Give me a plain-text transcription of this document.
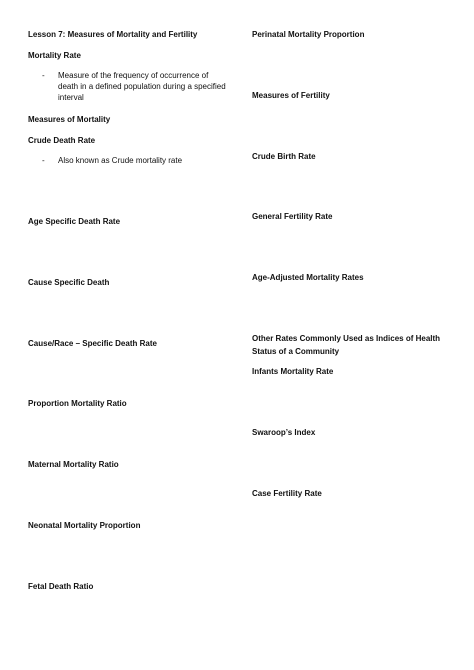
Lesson 7: Measures of Mortality and Fertility
Mortality Rate
- Measure of the frequency of occurrence of death in a defined population during a specified interval
Measures of Mortality
Crude Death Rate
- Also known as Crude mortality rate
Age Specific Death Rate
Cause Specific Death
Cause/Race – Specific Death Rate
Proportion Mortality Ratio
Maternal Mortality Ratio
Neonatal Mortality Proportion
Fetal Death Ratio
Perinatal Mortality Proportion
Measures of Fertility
Crude Birth Rate
General Fertility Rate
Age-Adjusted Mortality Rates
Other Rates Commonly Used as Indices of Health
Status of a Community
Infants Mortality Rate
Swaroop’s Index
Case Fertility Rate
